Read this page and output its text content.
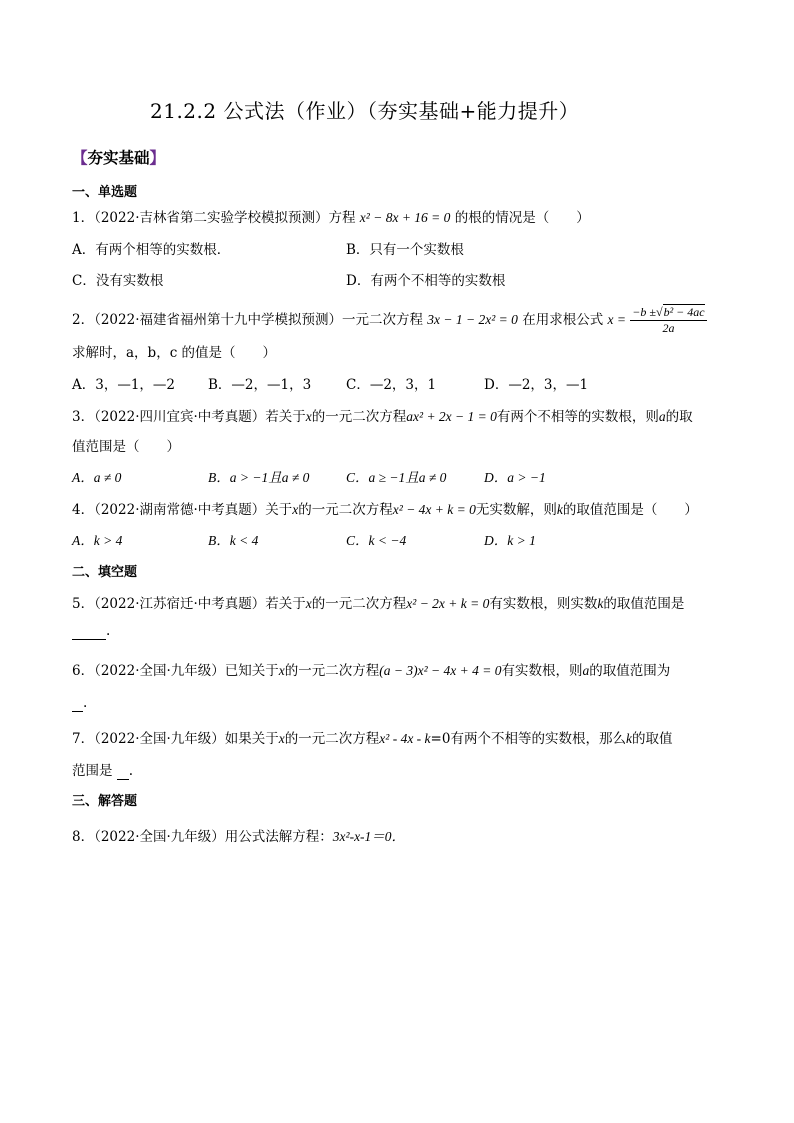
21.2.2 公式法（作业）（夯实基础+能力提升）
【夯实基础】
一、单选题
1．（2022·吉林省第二实验学校模拟预测）方程 x² − 8x + 16 = 0 的根的情况是（　　）
A．有两个相等的实数根．	B．只有一个实数根
C．没有实数根	D．有两个不相等的实数根
2．（2022·福建省福州第十九中学模拟预测）一元二次方程 3x − 1 − 2x² = 0 在用求根公式 $x = \frac{\text{−b ±√b² − 4ac}}{2a}$
求解时，a，b，c 的值是（　　）
A．3，—1，—2 B．—2，—1，3	C．—2，3，1	D．—2，3，—1
3．（2022·四川宜宾·中考真题）若关于x的一元二次方程ax² + 2x − 1 = 0有两个不相等的实数根，则a的取
值范围是（　　）
A．a ≠ 0	B．a > −1且a ≠ 0	C．a ≥ −1且a ≠ 0	D．a > −1
4．（2022·湖南常德·中考真题）关于x的一元二次方程x² − 4x + k = 0无实数解，则k的取值范围是（　　）
A．k > 4	B．k < 4	C．k < −4	D．k > 1
二、填空题
5．（2022·江苏宿迁·中考真题）若关于x的一元二次方程x² − 2x + k = 0有实数根，则实数k的取值范围是
.
6．（2022·全国·九年级）已知关于x的一元二次方程(a − 3)x² − 4x + 4 = 0有实数根，则a的取值范围为
.
7．（2022·全国·九年级）如果关于x的一元二次方程x² - 4x - k=0有两个不相等的实数根，那么k的取值
范围是 .
三、解答题
8．（2022·全国·九年级）用公式法解方程：3x²-x-1＝0．
